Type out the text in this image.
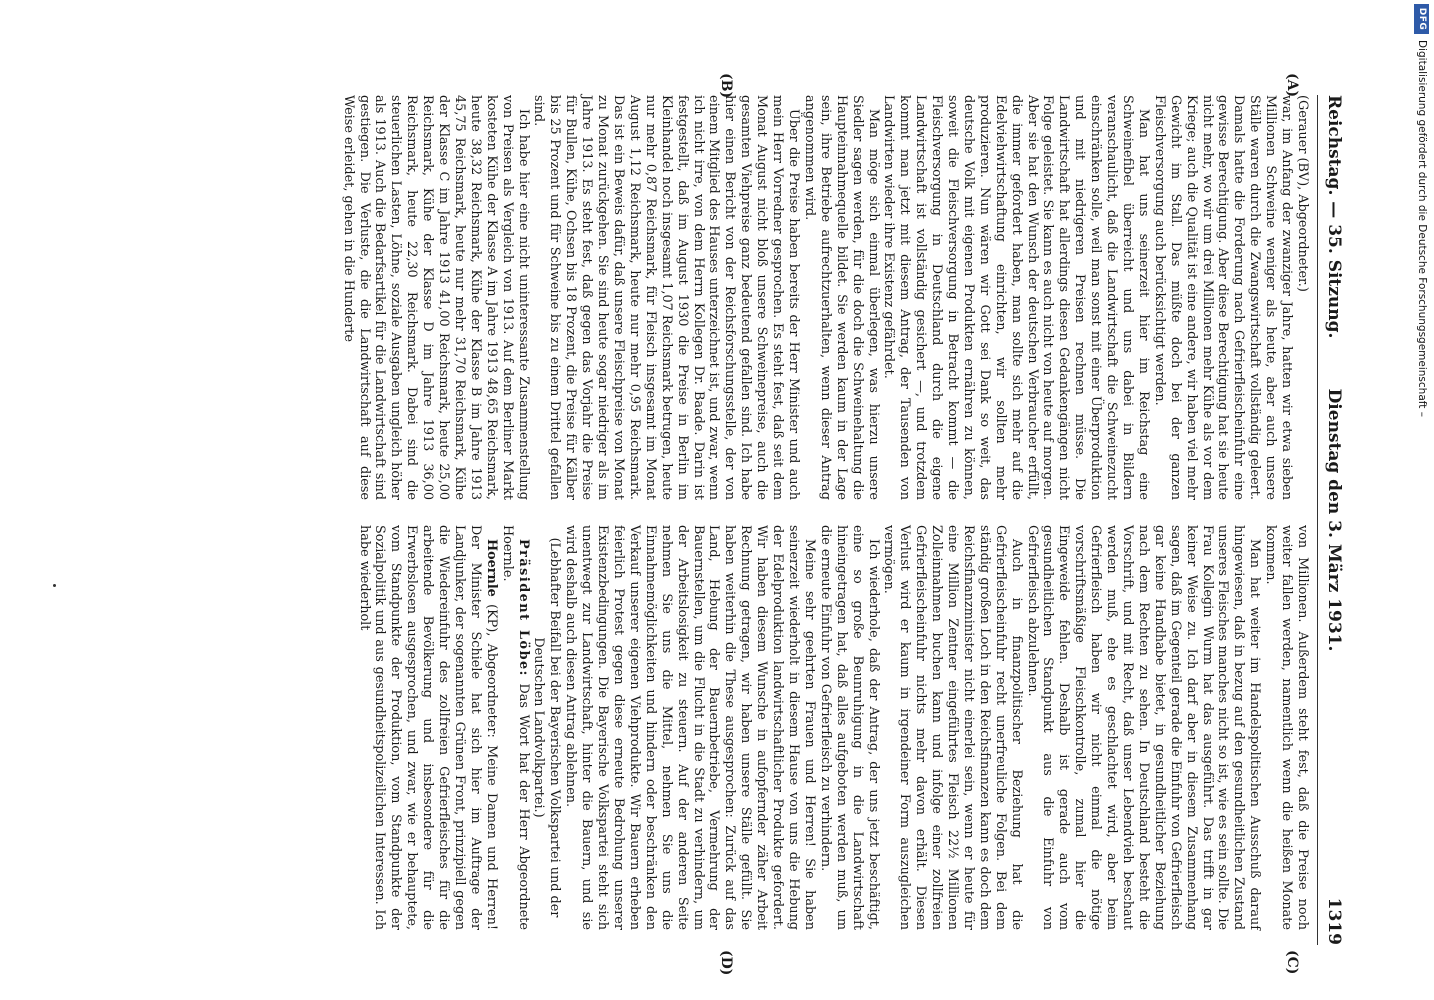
Reichstag. — 35. Sitzung.
Dienstag den 3. März 1931.
1319
(A)
(B)
(C)
(D)

(Gerauer (BV), Abgeordneter.)

war, im Anfang der zwanziger Jahre, hatten wir etwa sieben Millionen Schweine weniger als heute, aber auch unsere Ställe waren durch die Zwangswirtschaft vollständig geleert. Damals hatte die Forderung nach Gefrierfleischeinfuhr eine gewisse Berechtigung. Aber diese Berechtigung hat sie heute nicht mehr, wo wir um drei Millionen mehr Kühe als vor dem Kriege; auch die Qualität ist eine andere, wir haben viel mehr Gewicht im Stall. Das müßte doch bei der ganzen Fleischversorgung auch berücksichtigt werden.

Man hat uns seinerzeit hier im Reichstag eine Schweinefibel überreicht und uns dabei in Bildern veranschaulicht, daß die Landwirtschaft die Schweinezucht einschränken solle, weil man sonst mit einer Überproduktion und mit niedrigeren Preisen rechnen müsse. Die Landwirtschaft hat allerdings diesen Gedankengängen nicht Folge geleistet. Sie kann es auch nicht von heute auf morgen. Aber sie hat den Wunsch der deutschen Verbraucher erfüllt, die immer gefordert haben, man sollte sich mehr auf die Edelviehwirtschaftung einrichten, wir sollten mehr produzieren. Nun wären wir Gott sei Dank so weit, das deutsche Volk mit eigenen Produkten ernähren zu können, soweit die Fleischversorgung in Betracht kommt — die Fleischversorgung in Deutschland durch die eigene Landwirtschaft ist vollständig gesichert —, und trotzdem kommt man jetzt mit diesem Antrag, der Tausenden von Landwirten wieder ihre Existenz gefährdet.

Man möge sich einmal überlegen, was hierzu unsere Siedler sagen werden, für die doch die Schweinehaltung die Haupteinnahmequelle bildet. Sie werden kaum in der Lage sein, ihre Betriebe aufrechtzuerhalten, wenn dieser Antrag angenommen wird.

Über die Preise haben bereits der Herr Minister und auch mein Herr Vorredner gesprochen. Es steht fest, daß seit dem Monat August nicht bloß unsere Schweinepreise, auch die gesamten Viehpreise ganz bedeutend gefallen sind. Ich habe hier einen Bericht von der Reichsforschungsstelle, der von einem Mitglied des Hauses unterzeichnet ist, und zwar, wenn ich nicht irre, von dem Herrn Kollegen Dr. Baade. Darin ist festgestellt, daß im August 1930 die Preise in Berlin im Kleinhandel noch insgesamt 1,07 Reichsmark betrugen, heute nur mehr 0,87 Reichsmark, für Fleisch insgesamt im Monat August 1,12 Reichsmark, heute nur mehr 0,95 Reichsmark. Das ist ein Beweis dafür, daß unsere Fleischpreise von Monat zu Monat zurückgehen. Sie sind heute sogar niedriger als im Jahre 1913. Es steht fest, daß gegen das Vorjahr die Preise für Bullen, Kühe, Ochsen bis 18 Prozent, die Preise für Kälber bis 25 Prozent und für Schweine bis zu einem Drittel gefallen sind.

Ich habe hier eine nicht uninteressante Zusammenstellung von Preisen als Vergleich von 1913. Auf dem Berliner Markt kosteten Kühe der Klasse A im Jahre 1913 48,65 Reichsmark, heute 38,32 Reichsmark, Kühe der Klasse B im Jahre 1913 45,75 Reichsmark, heute nur mehr 31,70 Reichsmark, Kühe der Klasse C im Jahre 1913 41,00 Reichsmark, heute 25,00 Reichsmark, Kühe der Klasse D im Jahre 1913 36,00 Reichsmark, heute 22,30 Reichsmark. Dabei sind die steuerlichen Lasten, Löhne, soziale Ausgaben ungleich höher als 1913. Auch die Bedarfsartikel für die Landwirtschaft sind gestiegen. Die Verluste, die die Landwirtschaft auf diese Weise erleidet, gehen in die Hunderte

von Millionen. Außerdem steht fest, daß die Preise noch weiter fallen werden, namentlich wenn die heißen Monate kommen.

Man hat weiter im Handelspolitischen Ausschuß darauf hingewiesen, daß in bezug auf den gesundheitlichen Zustand unseres Fleisches manches nicht so ist, wie es sein sollte. Die Frau Kollegin Wurm hat das ausgeführt. Das trifft in gar keiner Weise zu. Ich darf aber in diesem Zusammenhang sagen, daß im Gegenteil gerade die Einfuhr von Gefrierfleisch gar keine Handhabe bietet, in gesundheitlicher Beziehung nach dem Rechten zu sehen. In Deutschland besteht die Vorschrift, und mit Recht, daß unser Lebendvieh beschaut werden muß, ehe es geschlachtet wird, aber beim Gefrierfleisch haben wir nicht einmal die nötige vorschriftsmäßige Fleischkontrolle, zumal hier die Eingeweide fehlen. Deshalb ist gerade auch vom gesundheitlichen Standpunkt aus die Einfuhr von Gefrierfleisch abzulehnen.

Auch in finanzpolitischer Beziehung hat die Gefrierfleischeinfuhr recht unerfreuliche Folgen. Bei dem ständig großen Loch in den Reichsfinanzen kann es doch dem Reichsfinanzminister nicht einerlei sein, wenn er heute für eine Million Zentner eingeführtes Fleisch 22½ Millionen Zolleinnahmen buchen kann und infolge einer zollfreien Gefrierfleischeinfuhr nichts mehr davon erhält. Diesen Verlust wird er kaum in irgendeiner Form auszugleichen vermögen.

Ich wiederhole, daß der Antrag, der uns jetzt beschäftigt, eine so große Beunruhigung in die Landwirtschaft hineingetragen hat, daß alles aufgeboten werden muß, um die erneute Einfuhr von Gefrierfleisch zu verhindern.

Meine sehr geehrten Frauen und Herren! Sie haben seinerzeit wiederholt in diesem Hause von uns die Hebung der Edelproduktion landwirtschaftlicher Produkte gefordert. Wir haben diesem Wunsche in aufopfernder zäher Arbeit Rechnung getragen, wir haben unsere Ställe gefüllt. Sie haben weiterhin die These ausgesprochen: Zurück auf das Land, Hebung der Bauernbetriebe, Vermehrung der Bauernstellen, um die Flucht in die Stadt zu verhindern, um der Arbeitslosigkeit zu steuern. Auf der anderen Seite nehmen Sie uns die Mittel, nehmen Sie uns die Einnahmemöglichkeiten und hindern oder beschränken den Verkauf unserer eigenen Viehprodukte. Wir Bauern erheben feierlich Protest gegen diese erneute Bedrohung unserer Existenzbedingungen. Die Bayerische Volkspartei steht sich unentwegt zur Landwirtschaft, hinter die Bauern, und sie wird deshalb auch diesen Antrag ablehnen.

(Lebhafter Beifall bei der Bayerischen Volkspartei und der Deutschen Landvolkpartei.)

Präsident Löbe: Das Wort hat der Herr Abgeordnete Hoernle.

Hoernle (KP), Abgeordneter: Meine Damen und Herren! Der Minister Schiele hat sich hier im Auftrage der Landjunker, der sogenannten Grünen Front, prinzipiell gegen die Wiedereinfuhr des zollfreien Gefrierfleisches für die arbeitende Bevölkerung und insbesondere für die Erwerbslosen ausgesprochen, und zwar, wie er behauptete, vom Standpunkte der Produktion, vom Standpunkte der Sozialpolitik und aus gesundheitspolizeilichen Interessen. Ich habe wiederholt

DFG
Digitalisierung gefördert durch die Deutsche Forschungsgemeinschaft –
